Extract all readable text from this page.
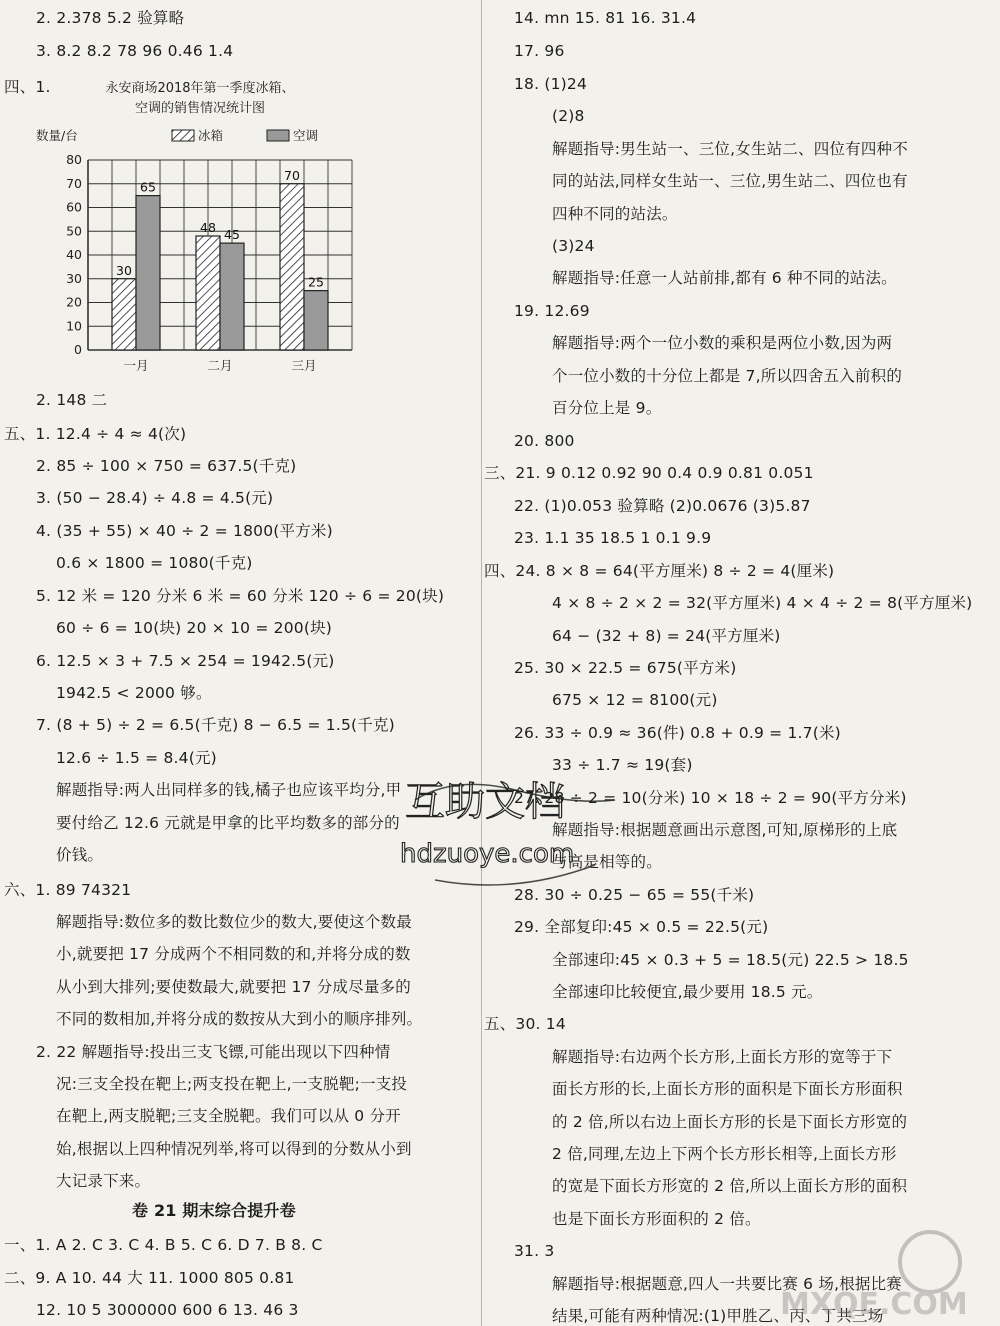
2. 2.378 5.2 验算略
3. 8.2 8.2 78 96 0.46 1.4
四、1.
2. 148 二
五、1. 12.4 ÷ 4 ≈ 4(次)
2. 85 ÷ 100 × 750 = 637.5(千克)
3. (50 − 28.4) ÷ 4.8 = 4.5(元)
4. (35 + 55) × 40 ÷ 2 = 1800(平方米)
0.6 × 1800 = 1080(千克)
5. 12 米 = 120 分米 6 米 = 60 分米 120 ÷ 6 = 20(块)
60 ÷ 6 = 10(块) 20 × 10 = 200(块)
6. 12.5 × 3 + 7.5 × 254 = 1942.5(元)
1942.5 < 2000 够。
7. (8 + 5) ÷ 2 = 6.5(千克) 8 − 6.5 = 1.5(千克)
12.6 ÷ 1.5 = 8.4(元)
解题指导:两人出同样多的钱,橘子也应该平均分,甲
要付给乙 12.6 元就是甲拿的比平均数多的部分的
价钱。
六、1. 89 74321
解题指导:数位多的数比数位少的数大,要使这个数最
小,就要把 17 分成两个不相同数的和,并将分成的数
从小到大排列;要使数最大,就要把 17 分成尽量多的
不同的数相加,并将分成的数按从大到小的顺序排列。
2. 22 解题指导:投出三支飞镖,可能出现以下四种情
况:三支全投在靶上;两支投在靶上,一支脱靶;一支投
在靶上,两支脱靶;三支全脱靶。我们可以从 0 分开
始,根据以上四种情况列举,将可以得到的分数从小到
大记录下来。
一、1. A 2. C 3. C 4. B 5. C 6. D 7. B 8. C
二、9. A 10. 44 大 11. 1000 805 0.81
12. 10 5 3000000 600 6 13. 46 3
14. mn 15. 81 16. 31.4
17. 96
18. (1)24
(2)8
解题指导:男生站一、三位,女生站二、四位有四种不
同的站法,同样女生站一、三位,男生站二、四位也有
四种不同的站法。
(3)24
解题指导:任意一人站前排,都有 6 种不同的站法。
19. 12.69
解题指导:两个一位小数的乘积是两位小数,因为两
个一位小数的十分位上都是 7,所以四舍五入前积的
百分位上是 9。
20. 800
三、21. 9 0.12 0.92 90 0.4 0.9 0.81 0.051
22. (1)0.053 验算略 (2)0.0676 (3)5.87
23. 1.1 35 18.5 1 0.1 9.9
四、24. 8 × 8 = 64(平方厘米) 8 ÷ 2 = 4(厘米)
4 × 8 ÷ 2 × 2 = 32(平方厘米) 4 × 4 ÷ 2 = 8(平方厘米)
64 − (32 + 8) = 24(平方厘米)
25. 30 × 22.5 = 675(平方米)
675 × 12 = 8100(元)
26. 33 ÷ 0.9 ≈ 36(件) 0.8 + 0.9 = 1.7(米)
33 ÷ 1.7 ≈ 19(套)
27. 28 ÷ 2 = 10(分米) 10 × 18 ÷ 2 = 90(平方分米)
解题指导:根据题意画出示意图,可知,原梯形的上底
与高是相等的。
28. 30 ÷ 0.25 − 65 = 55(千米)
29. 全部复印:45 × 0.5 = 22.5(元)
全部速印:45 × 0.3 + 5 = 18.5(元) 22.5 > 18.5
全部速印比较便宜,最少要用 18.5 元。
五、30. 14
解题指导:右边两个长方形,上面长方形的宽等于下
面长方形的长,上面长方形的面积是下面长方形面积
的 2 倍,所以右边上面长方形的长是下面长方形宽的
2 倍,同理,左边上下两个长方形长相等,上面长方形
的宽是下面长方形宽的 2 倍,所以上面长方形的面积
也是下面长方形面积的 2 倍。
31. 3
解题指导:根据题意,四人一共要比赛 6 场,根据比赛
结果,可能有两种情况:(1)甲胜乙、丙、丁共三场
卷 21 期末综合提升卷
永安商场2018年第一季度冰箱、
空调的销售情况统计图
数量/台	冰箱	空调
0
10
20
30
40
50
60
70
80
30
65
一月
48 45
二月
70
25
三月
互助文档
hdzuoye.com
MXQE.COM
